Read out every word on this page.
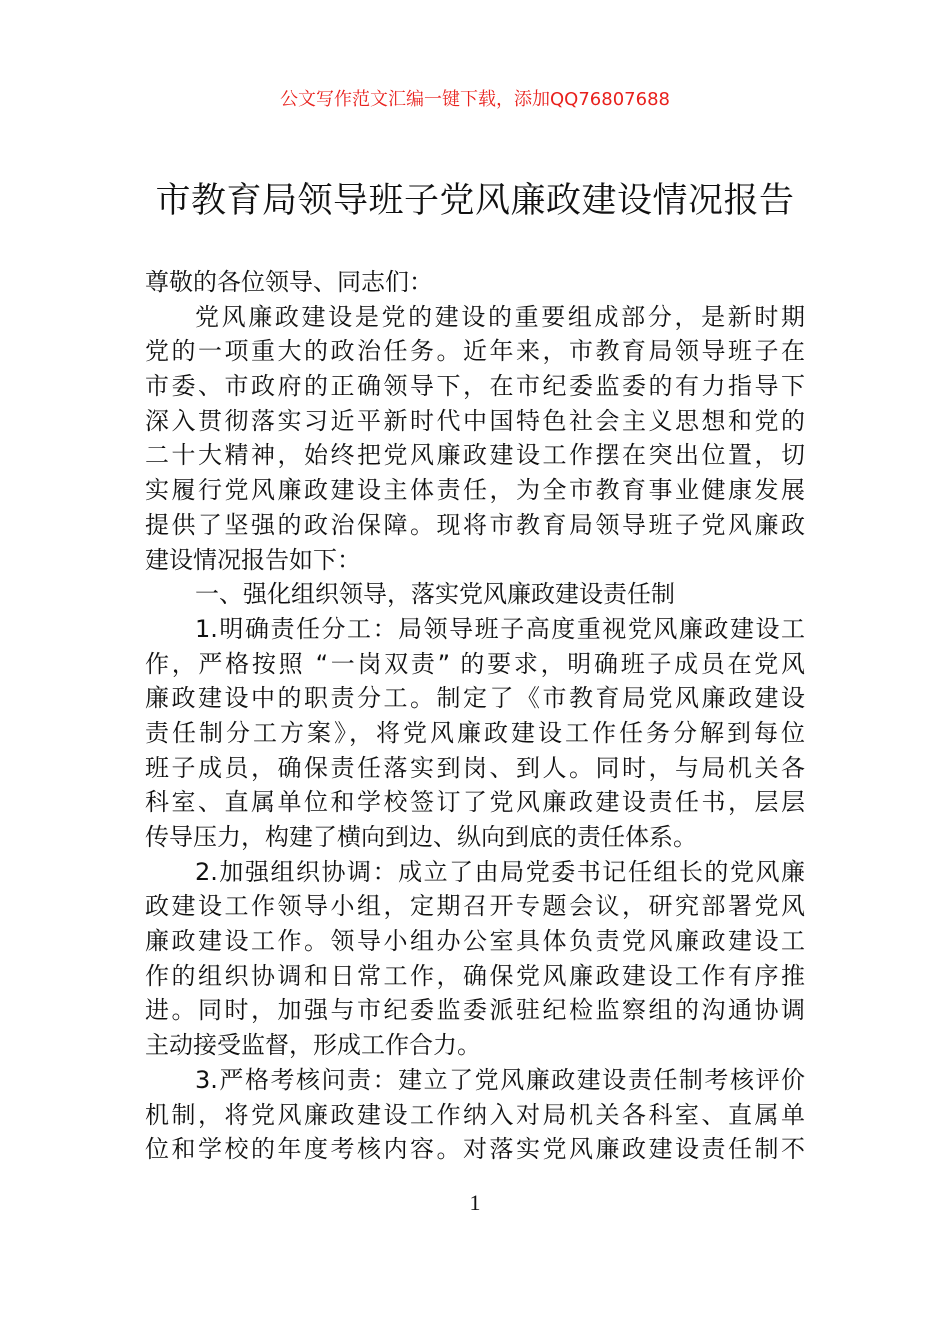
公文写作范文汇编一键下载，添加QQ76807688
市教育局领导班子党风廉政建设情况报告
尊敬的各位领导、同志们：
党风廉政建设是党的建设的重要组成部分，是新时期
党的一项重大的政治任务。近年来，市教育局领导班子在
市委、市政府的正确领导下，在市纪委监委的有力指导下
深入贯彻落实习近平新时代中国特色社会主义思想和党的
二十大精神，始终把党风廉政建设工作摆在突出位置，切
实履行党风廉政建设主体责任，为全市教育事业健康发展
提供了坚强的政治保障。现将市教育局领导班子党风廉政
建设情况报告如下：
一、强化组织领导，落实党风廉政建设责任制
1.明确责任分工：局领导班子高度重视党风廉政建设工
作，严格按照 “一岗双责” 的要求，明确班子成员在党风
廉政建设中的职责分工。制定了《市教育局党风廉政建设
责任制分工方案》，将党风廉政建设工作任务分解到每位
班子成员，确保责任落实到岗、到人。同时，与局机关各
科室、直属单位和学校签订了党风廉政建设责任书，层层
传导压力，构建了横向到边、纵向到底的责任体系。
2.加强组织协调：成立了由局党委书记任组长的党风廉
政建设工作领导小组，定期召开专题会议，研究部署党风
廉政建设工作。领导小组办公室具体负责党风廉政建设工
作的组织协调和日常工作，确保党风廉政建设工作有序推
进。同时，加强与市纪委监委派驻纪检监察组的沟通协调
主动接受监督，形成工作合力。
3.严格考核问责：建立了党风廉政建设责任制考核评价
机制，将党风廉政建设工作纳入对局机关各科室、直属单
位和学校的年度考核内容。对落实党风廉政建设责任制不
1
